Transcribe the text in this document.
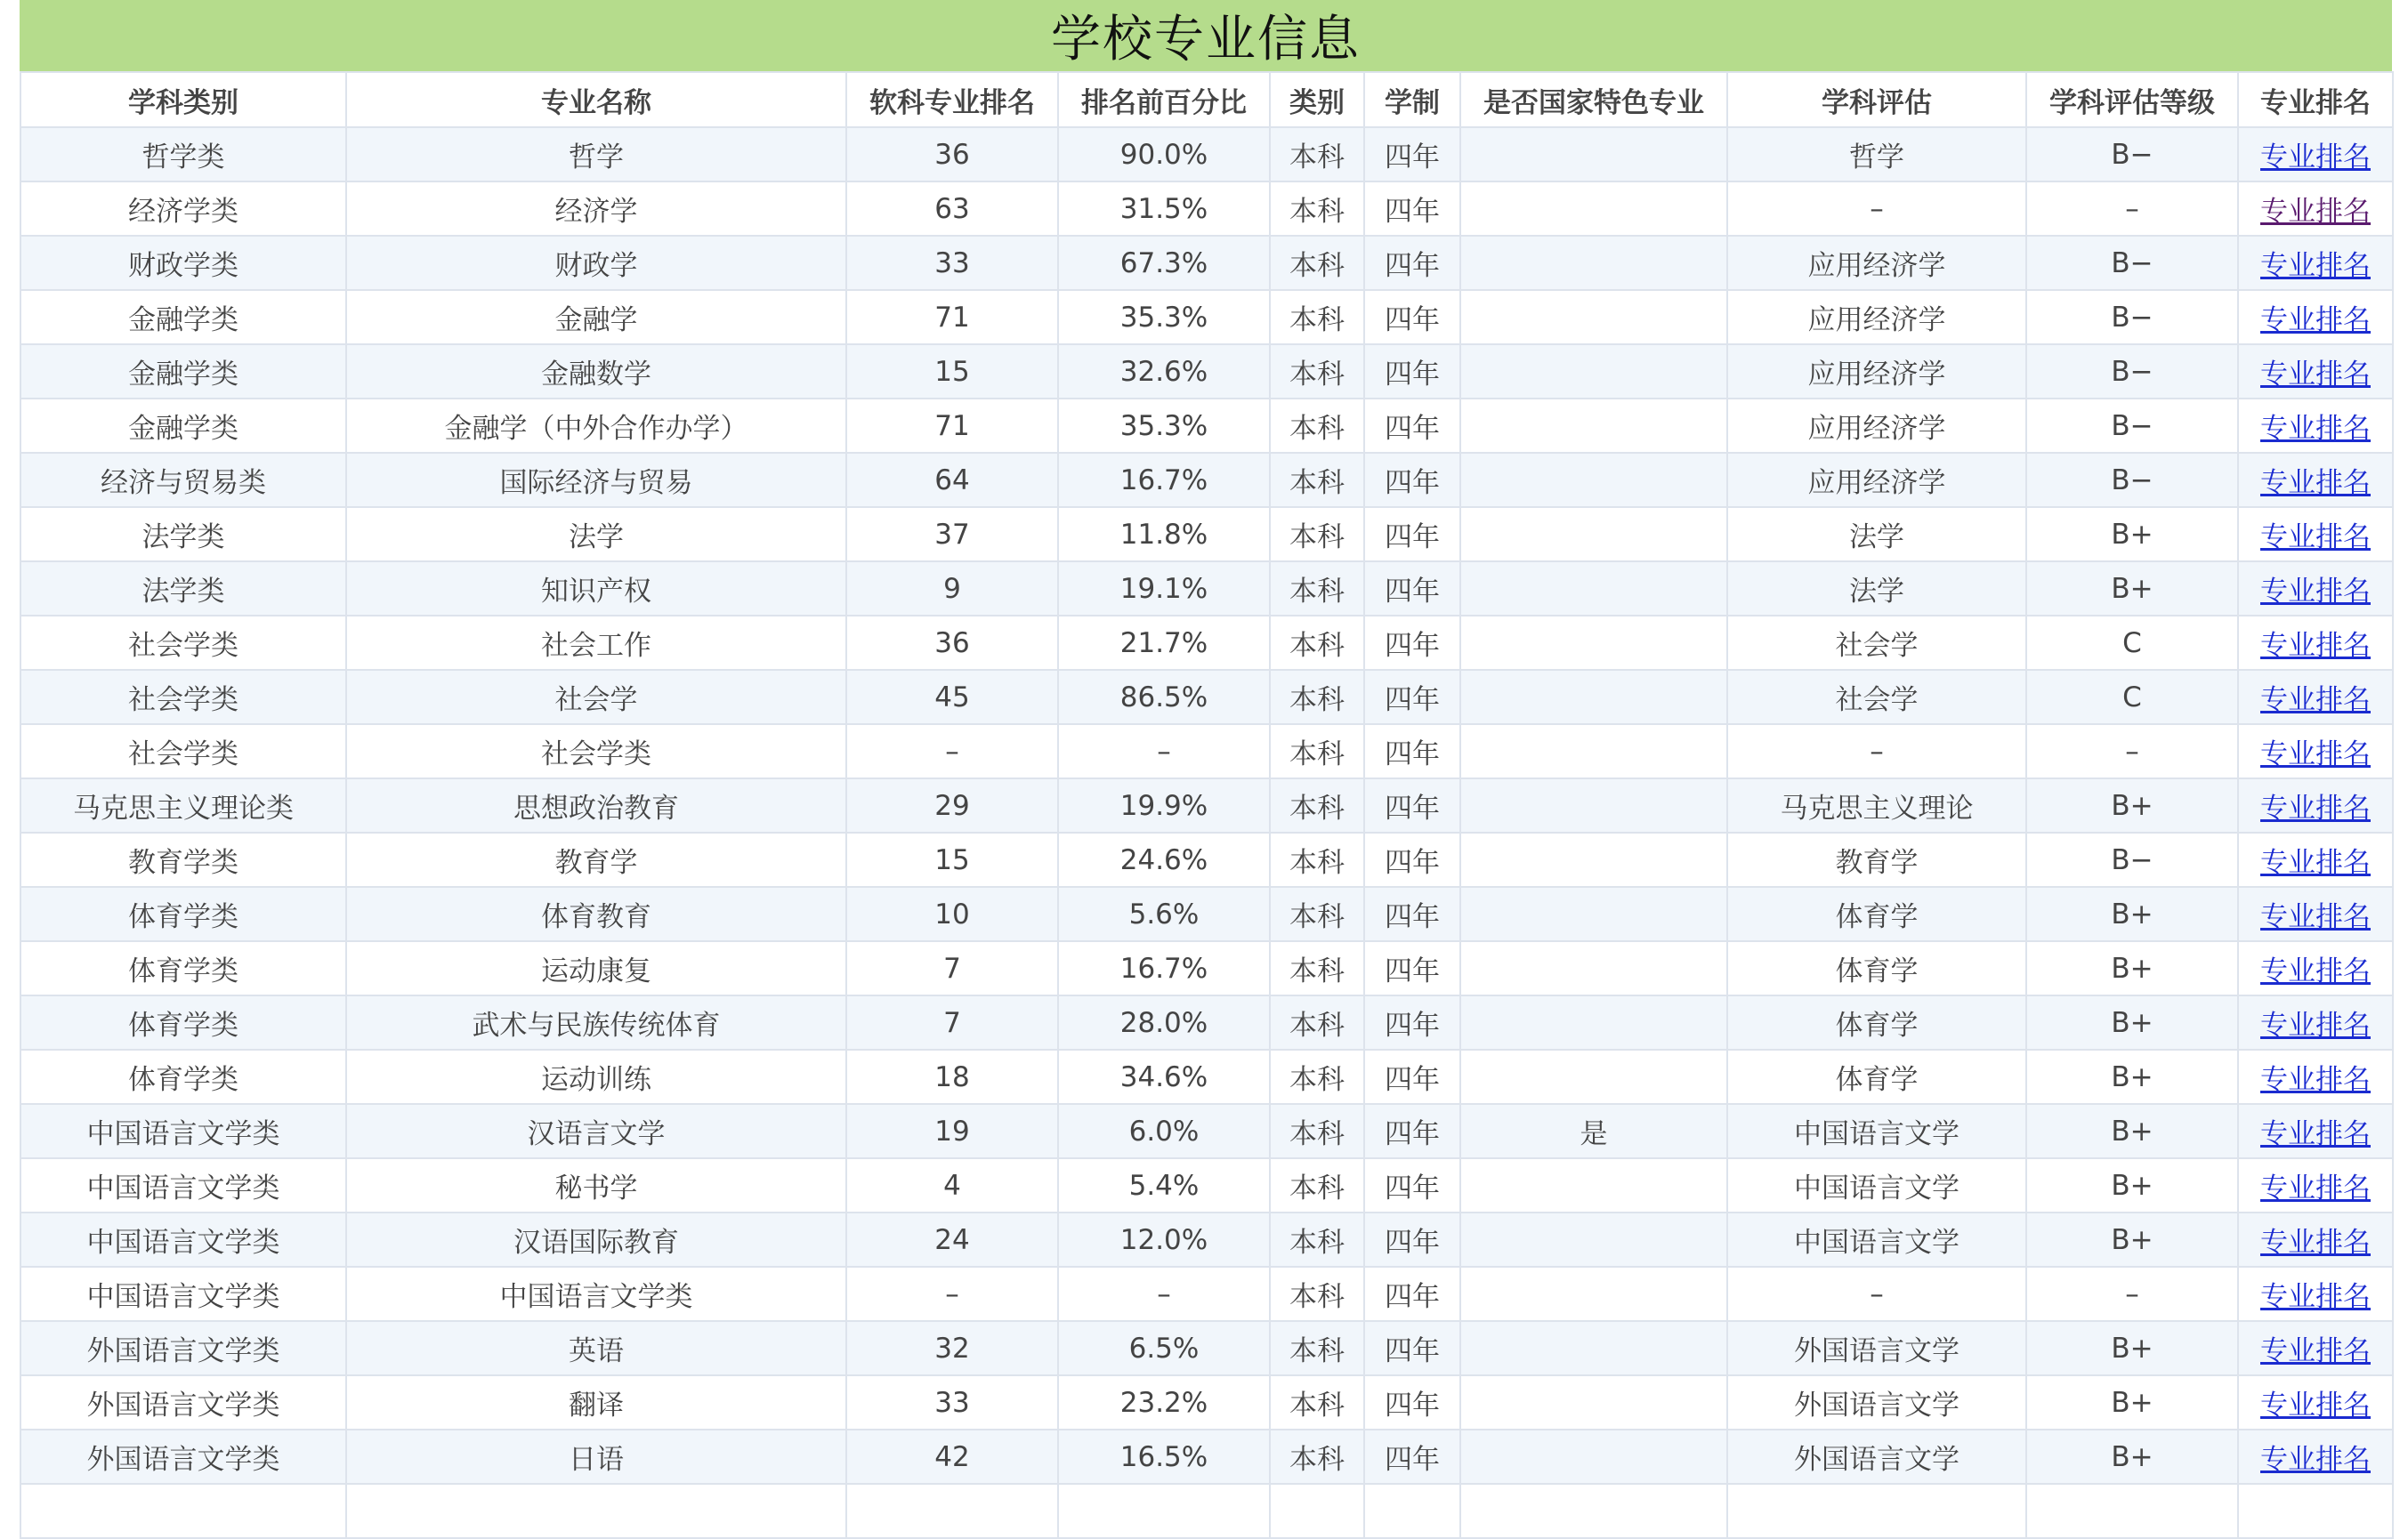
学校专业信息
学科类别	专业名称	软科专业排名	排名前百分比	类别	学制	是否国家特色专业	学科评估	学科评估等级	专业排名
哲学类	哲学	36	90.0%	本科	四年		哲学	B−	专业排名
经济学类	经济学	63	31.5%	本科	四年		–	–	专业排名
财政学类	财政学	33	67.3%	本科	四年		应用经济学	B−	专业排名
金融学类	金融学	71	35.3%	本科	四年		应用经济学	B−	专业排名
金融学类	金融数学	15	32.6%	本科	四年		应用经济学	B−	专业排名
金融学类	金融学（中外合作办学）	71	35.3%	本科	四年		应用经济学	B−	专业排名
经济与贸易类	国际经济与贸易	64	16.7%	本科	四年		应用经济学	B−	专业排名
法学类	法学	37	11.8%	本科	四年		法学	B+	专业排名
法学类	知识产权	9	19.1%	本科	四年		法学	B+	专业排名
社会学类	社会工作	36	21.7%	本科	四年		社会学	C	专业排名
社会学类	社会学	45	86.5%	本科	四年		社会学	C	专业排名
社会学类	社会学类	–	–	本科	四年		–	–	专业排名
马克思主义理论类	思想政治教育	29	19.9%	本科	四年		马克思主义理论	B+	专业排名
教育学类	教育学	15	24.6%	本科	四年		教育学	B−	专业排名
体育学类	体育教育	10	5.6%	本科	四年		体育学	B+	专业排名
体育学类	运动康复	7	16.7%	本科	四年		体育学	B+	专业排名
体育学类	武术与民族传统体育	7	28.0%	本科	四年		体育学	B+	专业排名
体育学类	运动训练	18	34.6%	本科	四年		体育学	B+	专业排名
中国语言文学类	汉语言文学	19	6.0%	本科	四年	是	中国语言文学	B+	专业排名
中国语言文学类	秘书学	4	5.4%	本科	四年		中国语言文学	B+	专业排名
中国语言文学类	汉语国际教育	24	12.0%	本科	四年		中国语言文学	B+	专业排名
中国语言文学类	中国语言文学类	–	–	本科	四年		–	–	专业排名
外国语言文学类	英语	32	6.5%	本科	四年		外国语言文学	B+	专业排名
外国语言文学类	翻译	33	23.2%	本科	四年		外国语言文学	B+	专业排名
外国语言文学类	日语	42	16.5%	本科	四年		外国语言文学	B+	专业排名
